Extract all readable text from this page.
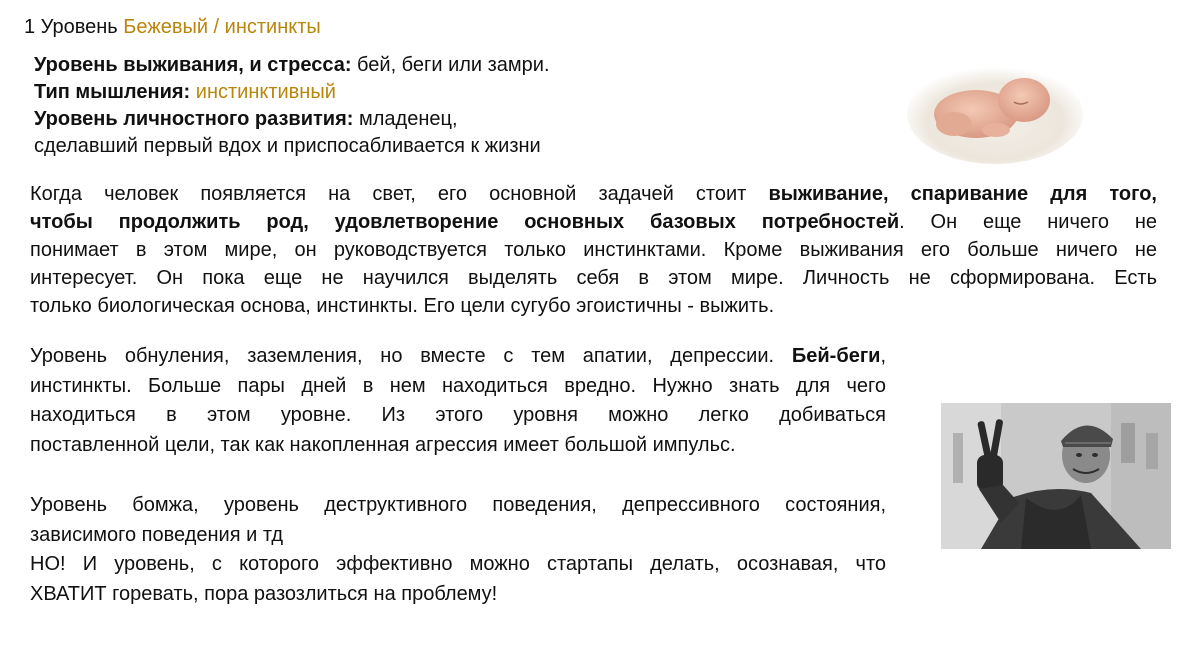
1 Уровень Бежевый / инстинкты
Уровень выживания, и стресса: бей, беги или замри.
Тип мышления: инстинктивный
Уровень личностного развития: младенец,
сделавший первый вдох и приспосабливается к жизни

Когда человек появляется на свет, его основной задачей стоит выживание, спаривание для того,
чтобы продолжить род, удовлетворение основных базовых потребностей. Он еще ничего не
понимает в этом мире, он руководствуется только инстинктами. Кроме выживания его больше ничего не
интересует. Он пока еще не научился выделять себя в этом мире. Личность не сформирована. Есть
только биологическая основа, инстинкты. Его цели сугубо эгоистичны - выжить.

Уровень обнуления, заземления, но вместе с тем апатии, депрессии. Бей-беги,
инстинкты. Больше пары дней в нем находиться вредно. Нужно знать для чего
находиться в этом уровне. Из этого уровня можно легко добиваться
поставленной цели, так как накопленная агрессия имеет большой импульс.

Уровень бомжа, уровень деструктивного поведения, депрессивного состояния,
зависимого поведения и тд
НО! И уровень, с которого эффективно можно стартапы делать, осознавая, что
ХВАТИТ горевать, пора разозлиться на проблему!
